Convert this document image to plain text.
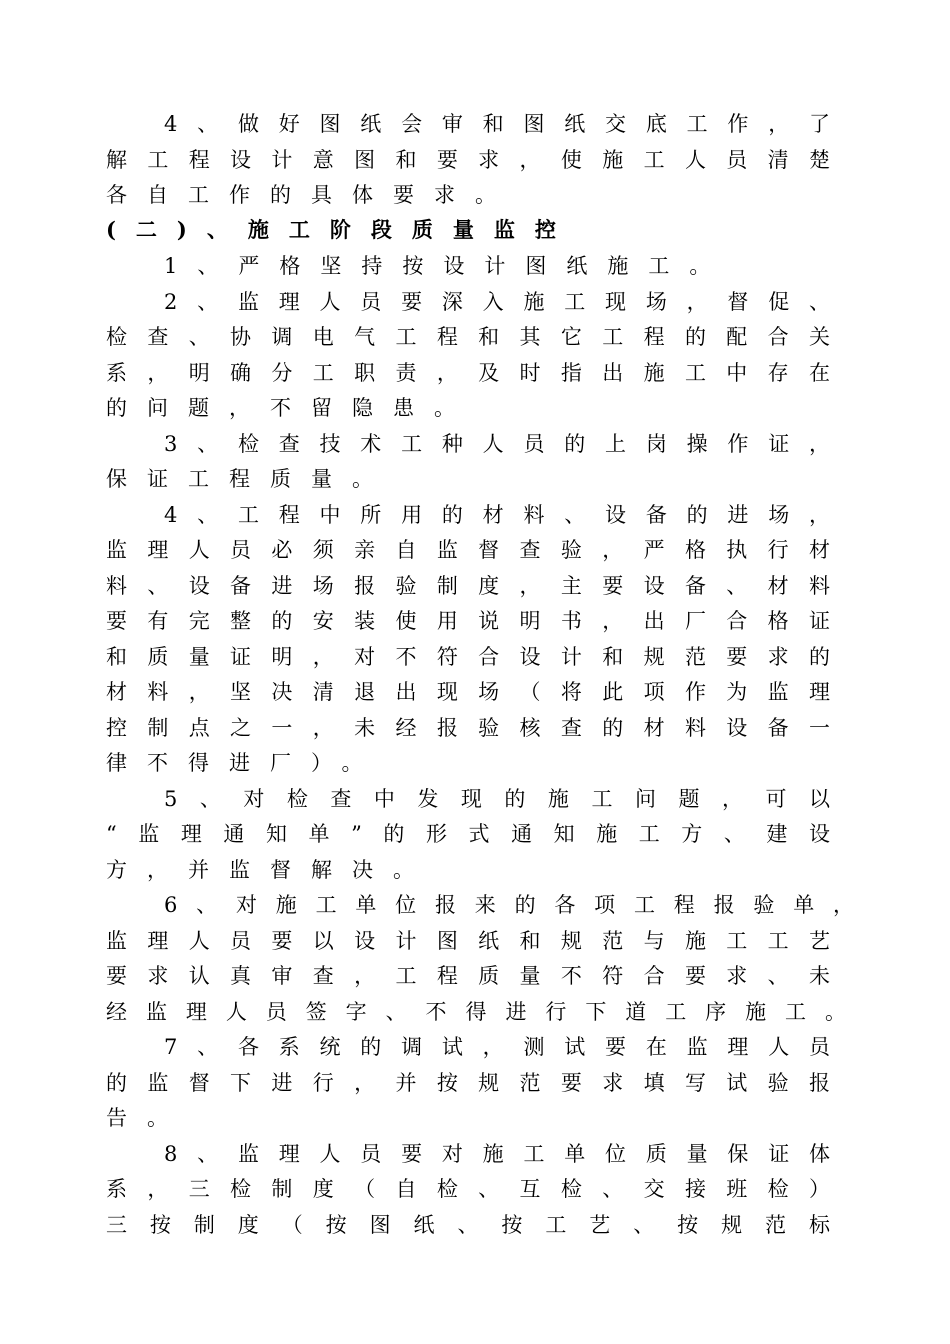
4、做好图纸会审和图纸交底工作，了
解工程设计意图和要求，使施工人员清楚
各自工作的具体要求。
(二)、施工阶段质量监控
1、严格坚持按设计图纸施工。
2、监理人员要深入施工现场，督促、
检查、协调电气工程和其它工程的配合关
系，明确分工职责，及时指出施工中存在
的问题，不留隐患。
3、检查技术工种人员的上岗操作证，
保证工程质量。
4、工程中所用的材料、设备的进场，
监理人员必须亲自监督查验，严格执行材
料、设备进场报验制度，主要设备、材料
要有完整的安装使用说明书，出厂合格证
和质量证明，对不符合设计和规范要求的
材料，坚决清退出现场（将此项作为监理
控制点之一，未经报验核查的材料设备一
律不得进厂）。
5、对检查中发现的施工问题，可以
“监理通知单”的形式通知施工方、建设
方，并监督解决。
6、对施工单位报来的各项工程报验单，
监理人员要以设计图纸和规范与施工工艺
要求认真审查，工程质量不符合要求、未
经监理人员签字、不得进行下道工序施工。
7、各系统的调试，测试要在监理人员
的监督下进行，并按规范要求填写试验报
告。
8、监理人员要对施工单位质量保证体
系，三检制度（自检、互检、交接班检）
三按制度（按图纸、按工艺、按规范标
